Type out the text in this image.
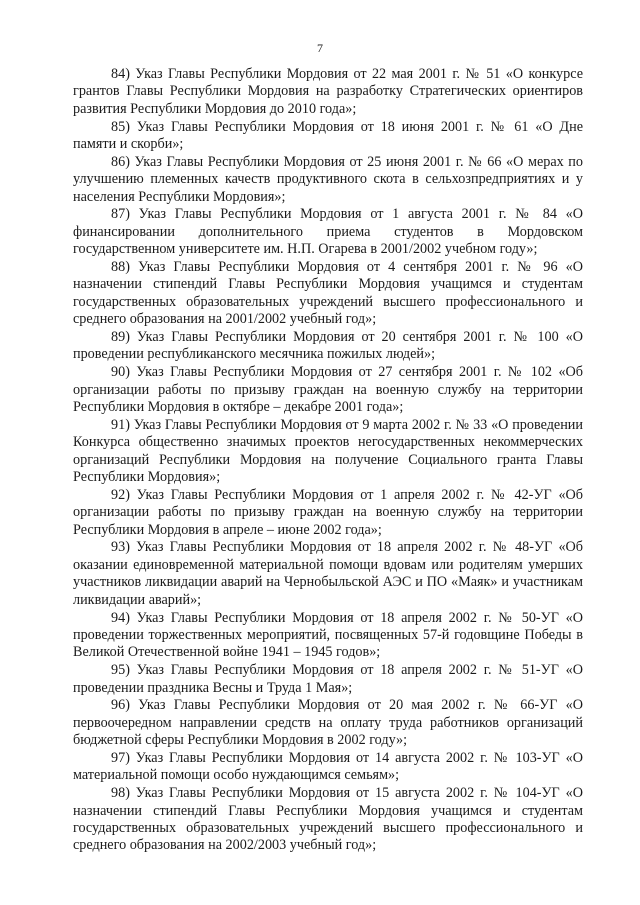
7

84) Указ Главы Республики Мордовия от 22 мая 2001 г. № 51 «О конкурсе грантов Главы Республики Мордовия на разработку Стратегических ориентиров развития Республики Мордовия до 2010 года»;

85) Указ Главы Республики Мордовия от 18 июня 2001 г. № 61 «О Дне памяти и скорби»;

86) Указ Главы Республики Мордовия от 25 июня 2001 г. № 66 «О мерах по улучшению племенных качеств продуктивного скота в сельхозпредприятиях и у населения Республики Мордовия»;

87) Указ Главы Республики Мордовия от 1 августа 2001 г. № 84 «О финансировании дополнительного приема студентов в Мордовском государственном университете им. Н.П. Огарева в 2001/2002 учебном году»;

88) Указ Главы Республики Мордовия от 4 сентября 2001 г. № 96 «О назначении стипендий Главы Республики Мордовия учащимся и студентам государственных образовательных учреждений высшего профессионального и среднего образования на 2001/2002 учебный год»;

89) Указ Главы Республики Мордовия от 20 сентября 2001 г. № 100 «О проведении республиканского месячника пожилых людей»;

90) Указ Главы Республики Мордовия от 27 сентября 2001 г. № 102 «Об организации работы по призыву граждан на военную службу на территории Республики Мордовия в октябре – декабре 2001 года»;

91) Указ Главы Республики Мордовия от 9 марта 2002 г. № 33 «О проведении Конкурса общественно значимых проектов негосударственных некоммерческих организаций Республики Мордовия на получение Социального гранта Главы Республики Мордовия»;

92) Указ Главы Республики Мордовия от 1 апреля 2002 г. № 42-УГ «Об организации работы по призыву граждан на военную службу на территории Республики Мордовия в апреле – июне 2002 года»;

93) Указ Главы Республики Мордовия от 18 апреля 2002 г. № 48-УГ «Об оказании единовременной материальной помощи вдовам или родителям умерших участников ликвидации аварий на Чернобыльской АЭС и ПО «Маяк» и участникам ликвидации аварий»;

94) Указ Главы Республики Мордовия от 18 апреля 2002 г. № 50-УГ «О проведении торжественных мероприятий, посвященных 57-й годовщине Победы в Великой Отечественной войне 1941 – 1945 годов»;

95) Указ Главы Республики Мордовия от 18 апреля 2002 г. № 51-УГ «О проведении праздника Весны и Труда 1 Мая»;

96) Указ Главы Республики Мордовия от 20 мая 2002 г. № 66-УГ «О первоочередном направлении средств на оплату труда работников организаций бюджетной сферы Республики Мордовия в 2002 году»;

97) Указ Главы Республики Мордовия от 14 августа 2002 г. № 103-УГ «О материальной помощи особо нуждающимся семьям»;

98) Указ Главы Республики Мордовия от 15 августа 2002 г. № 104-УГ «О назначении стипендий Главы Республики Мордовия учащимся и студентам государственных образовательных учреждений высшего профессионального и среднего образования на 2002/2003 учебный год»;
